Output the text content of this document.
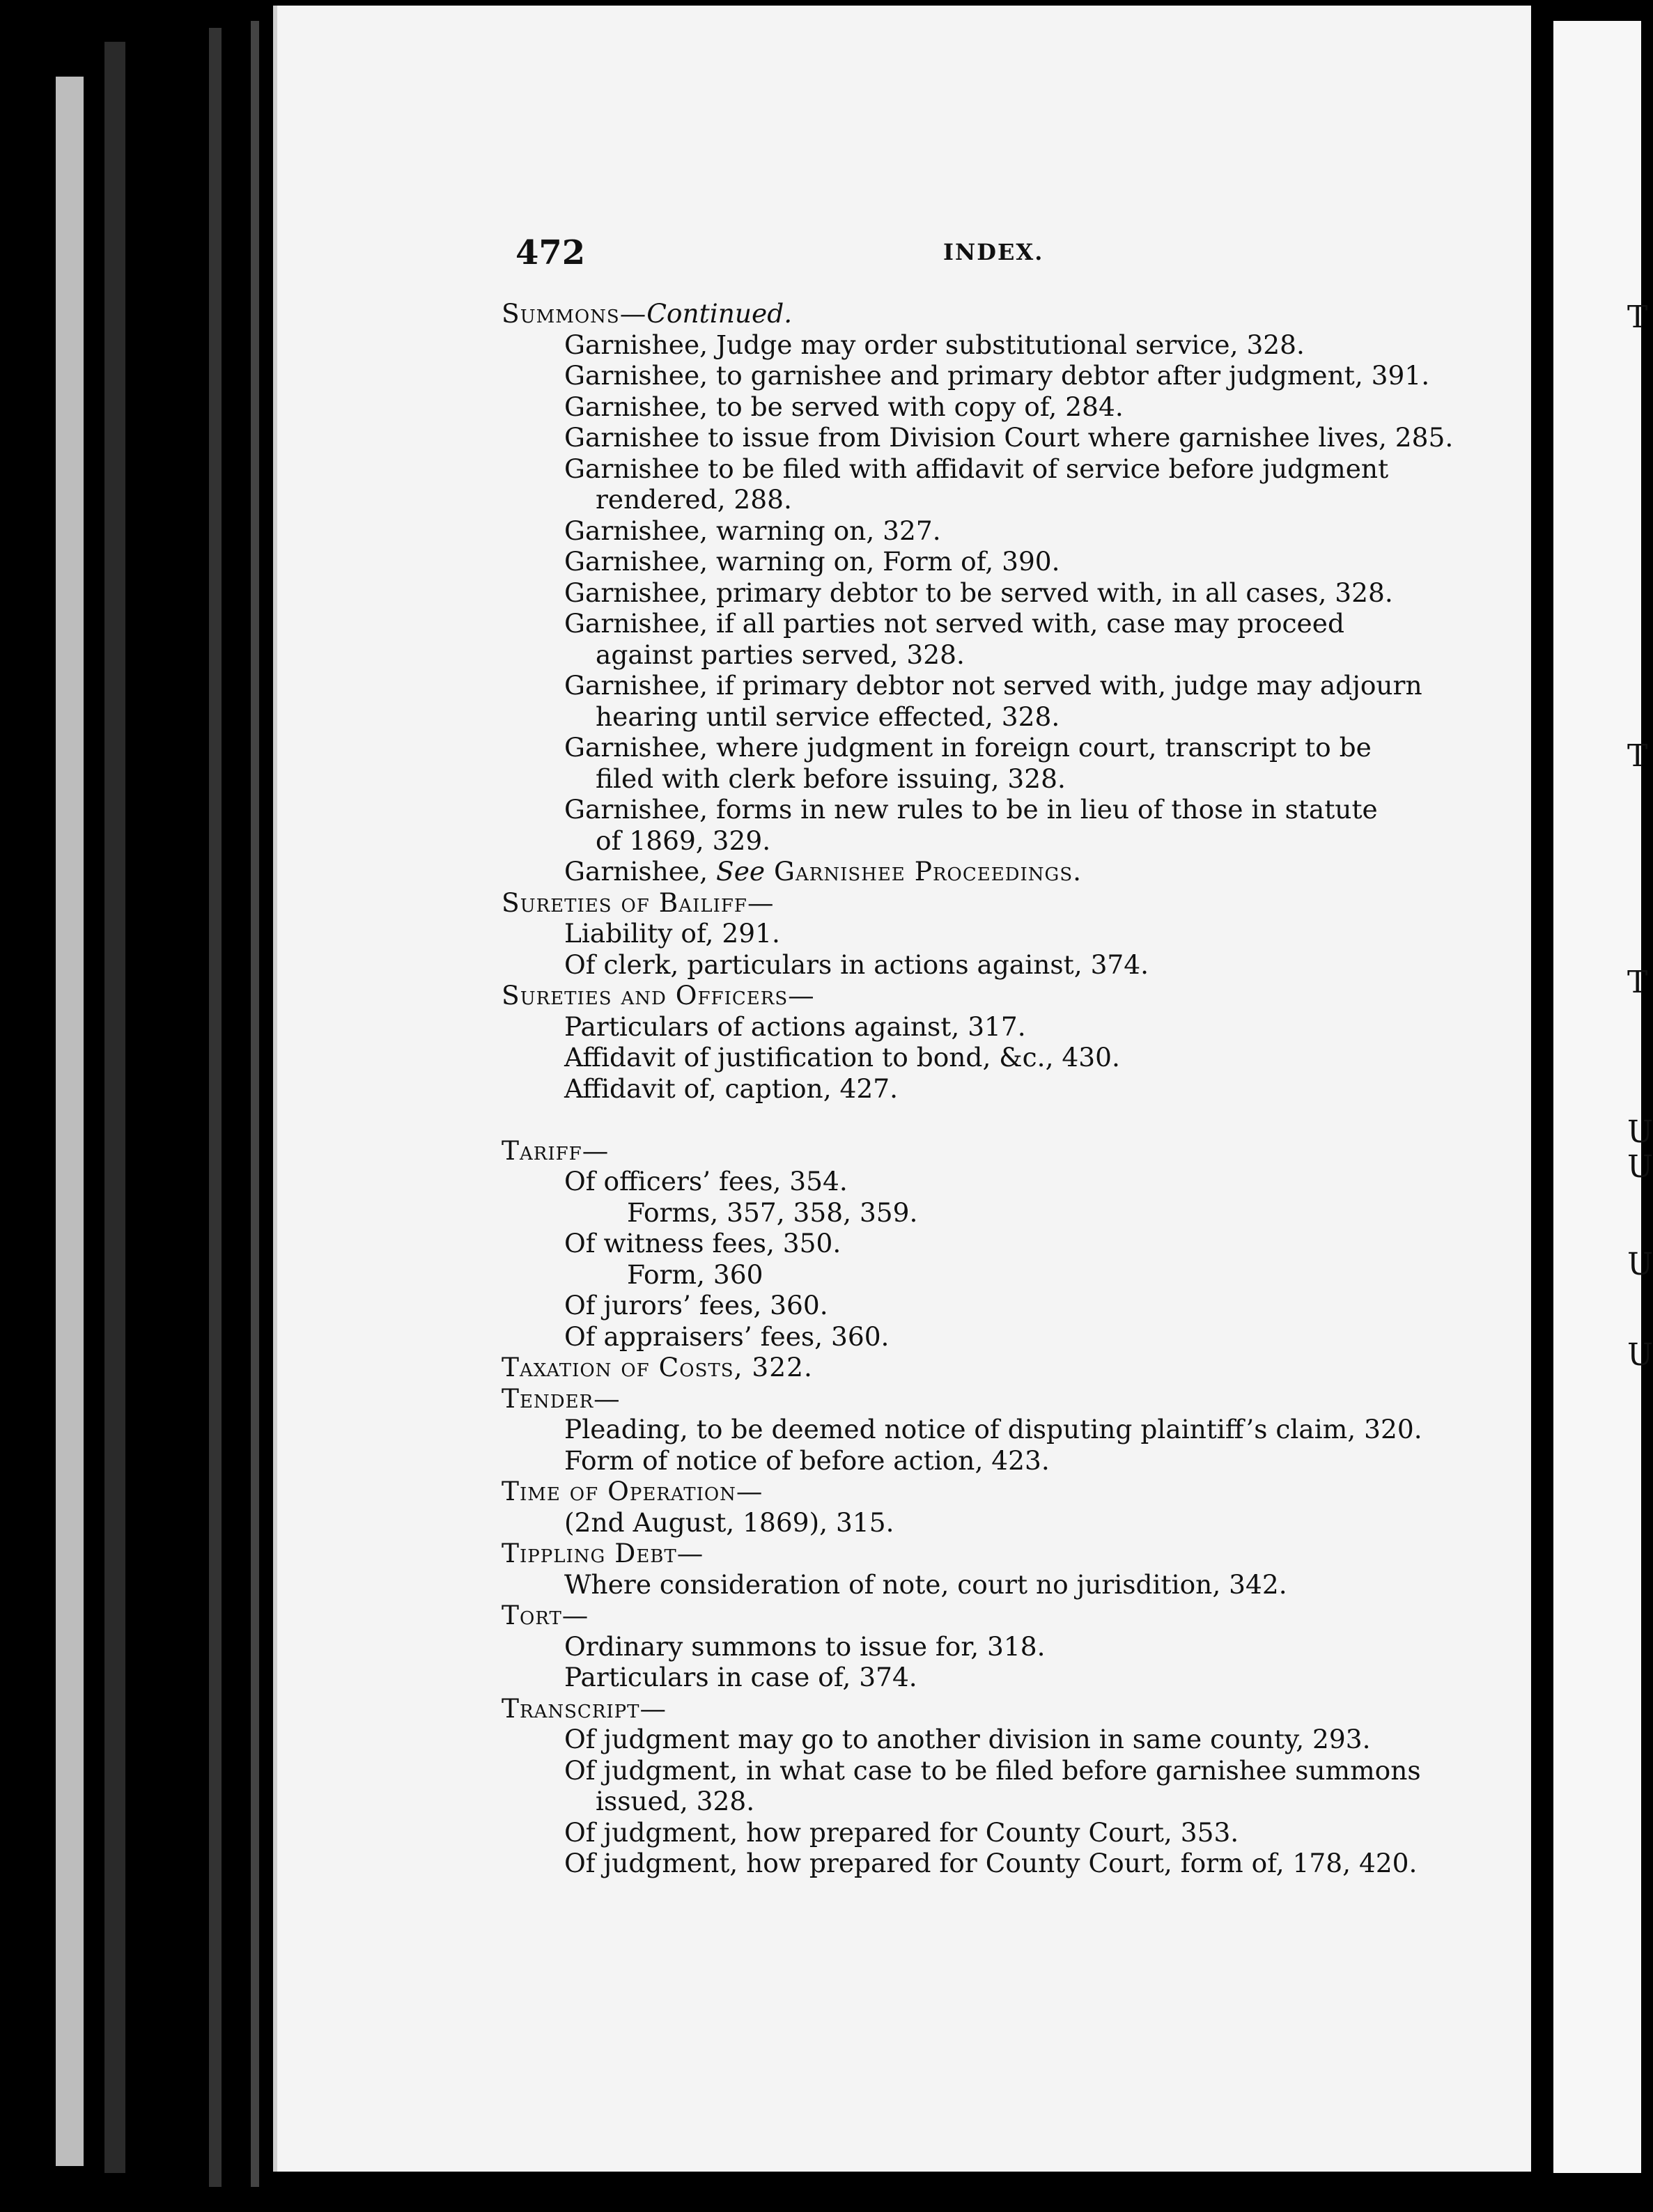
T
T
T
U
U
U
U
472	INDEX.
Summons—Continued.
Garnishee, Judge may order substitutional service, 328.
Garnishee, to garnishee and primary debtor after judgment, 391.
Garnishee, to be served with copy of, 284.
Garnishee to issue from Division Court where garnishee lives, 285.
Garnishee to be filed with affidavit of service before judgment
rendered, 288.
Garnishee, warning on, 327.
Garnishee, warning on, Form of, 390.
Garnishee, primary debtor to be served with, in all cases, 328.
Garnishee, if all parties not served with, case may proceed
against parties served, 328.
Garnishee, if primary debtor not served with, judge may adjourn
hearing until service effected, 328.
Garnishee, where judgment in foreign court, transcript to be
filed with clerk before issuing, 328.
Garnishee, forms in new rules to be in lieu of those in statute
of 1869, 329.
Garnishee, See Garnishee Proceedings.
Sureties of Bailiff—
Liability of, 291.
Of clerk, particulars in actions against, 374.
Sureties and Officers—
Particulars of actions against, 317.
Affidavit of justification to bond, &c., 430.
Affidavit of, caption, 427.
Tariff—
Of officers’ fees, 354.
Forms, 357, 358, 359.
Of witness fees, 350.
Form, 360
Of jurors’ fees, 360.
Of appraisers’ fees, 360.
Taxation of Costs, 322.
Tender—
Pleading, to be deemed notice of disputing plaintiff’s claim, 320.
Form of notice of before action, 423.
Time of Operation—
(2nd August, 1869), 315.
Tippling Debt—
Where consideration of note, court no jurisdition, 342.
Tort—
Ordinary summons to issue for, 318.
Particulars in case of, 374.
Transcript—
Of judgment may go to another division in same county, 293.
Of judgment, in what case to be filed before garnishee summons
issued, 328.
Of judgment, how prepared for County Court, 353.
Of judgment, how prepared for County Court, form of, 178, 420.
